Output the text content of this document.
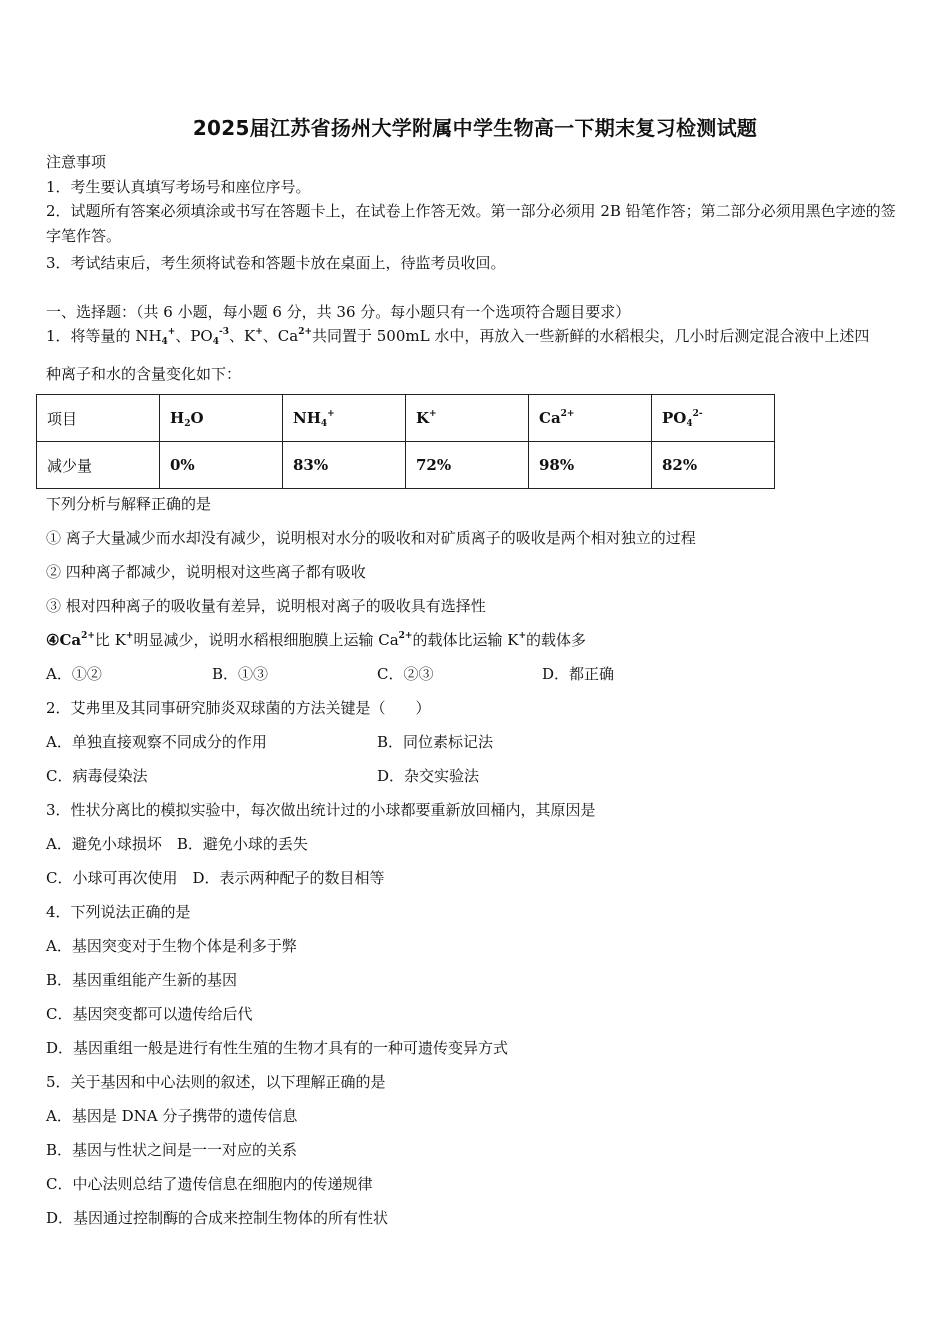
2025届江苏省扬州大学附属中学生物高一下期末复习检测试题
注意事项
1．考生要认真填写考场号和座位序号。
2．试题所有答案必须填涂或书写在答题卡上，在试卷上作答无效。第一部分必须用 2B 铅笔作答；第二部分必须用黑色字迹的签字笔作答。
3．考试结束后，考生须将试卷和答题卡放在桌面上，待监考员收回。
一、选择题：（共 6 小题，每小题 6 分，共 36 分。每小题只有一个选项符合题目要求）
1．将等量的 $NH_4^+$、$PO_4^{-3}$、K+、$Ca^{2+}$共同置于 500mL 水中，再放入一些新鲜的水稻根尖，几小时后测定混合液中上述四
种离子和水的含量变化如下：
项目	$H_2O$	$NH_4^+$	K+	$Ca^{2+}$	$PO_4^{2-}$
减少量	0%	83%	72%	98%	82%
下列分析与解释正确的是
① 离子大量减少而水却没有减少，说明根对水分的吸收和对矿质离子的吸收是两个相对独立的过程
② 四种离子都减少，说明根对这些离子都有吸收
③ 根对四种离子的吸收量有差异，说明根对离子的吸收具有选择性
$④Ca^{2+}$比 K+明显减少，说明水稻根细胞膜上运输 $Ca^{2+}$的载体比运输 K+的载体多
A．①②	B．①③	C．②③	D．都正确
2．艾弗里及其同事研究肺炎双球菌的方法关键是（　　）
A．单独直接观察不同成分的作用	B．同位素标记法
C．病毒侵染法	D．杂交实验法
3．性状分离比的模拟实验中，每次做出统计过的小球都要重新放回桶内，其原因是
A．避免小球损坏　B．避免小球的丢失
C．小球可再次使用　D．表示两种配子的数目相等
4．下列说法正确的是
A．基因突变对于生物个体是利多于弊
B．基因重组能产生新的基因
C．基因突变都可以遗传给后代
D．基因重组一般是进行有性生殖的生物才具有的一种可遗传变异方式
5．关于基因和中心法则的叙述，以下理解正确的是
A．基因是 DNA 分子携带的遗传信息
B．基因与性状之间是一一对应的关系
C．中心法则总结了遗传信息在细胞内的传递规律
D．基因通过控制酶的合成来控制生物体的所有性状
